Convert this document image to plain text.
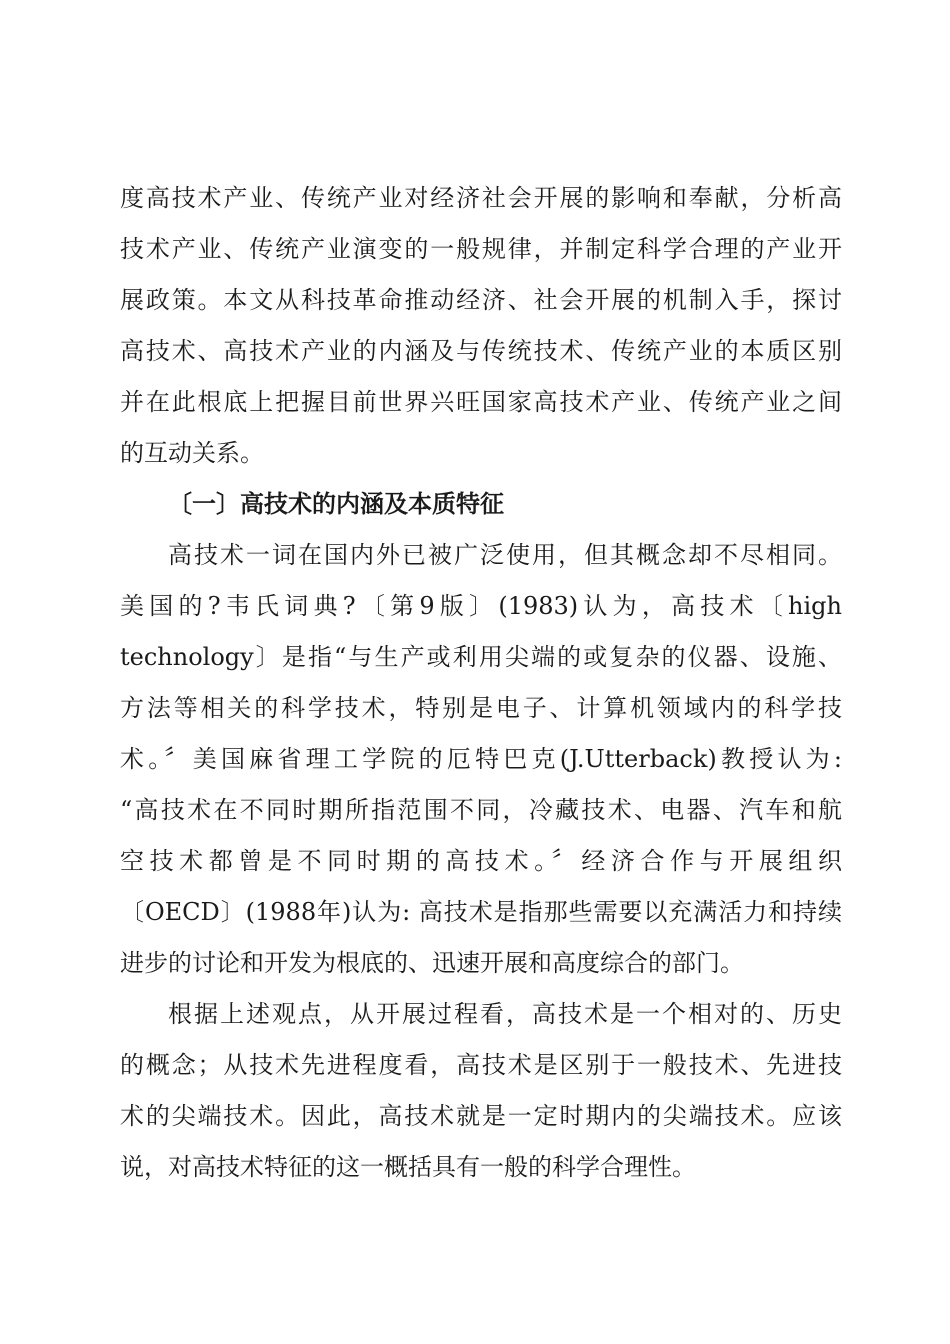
度高技术产业、传统产业对经济社会开展的影响和奉献，分析高
技术产业、传统产业演变的一般规律，并制定科学合理的产业开
展政策。本文从科技革命推动经济、社会开展的机制入手，探讨
高技术、高技术产业的内涵及与传统技术、传统产业的本质区别
并在此根底上把握目前世界兴旺国家高技术产业、传统产业之间
的互动关系。
〔一〕高技术的内涵及本质特征
高技术一词在国内外已被广泛使用，但其概念却不尽相同。
美国的?韦氏词典?〔第9版〕(1983)认为，高技术〔high
technology〕是指“与生产或利用尖端的或复杂的仪器、设施、
方法等相关的科学技术，特别是电子、计算机领域内的科学技
术。〞美国麻省理工学院的厄特巴克(J.Utterback)教授认为:
“高技术在不同时期所指范围不同，冷藏技术、电器、汽车和航
空技术都曾是不同时期的高技术。〞经济合作与开展组织
〔OECD〕(1988年)认为: 高技术是指那些需要以充满活力和持续
进步的讨论和开发为根底的、迅速开展和高度综合的部门。
根据上述观点，从开展过程看，高技术是一个相对的、历史
的概念；从技术先进程度看，高技术是区别于一般技术、先进技
术的尖端技术。因此，高技术就是一定时期内的尖端技术。应该
说，对高技术特征的这一概括具有一般的科学合理性。
